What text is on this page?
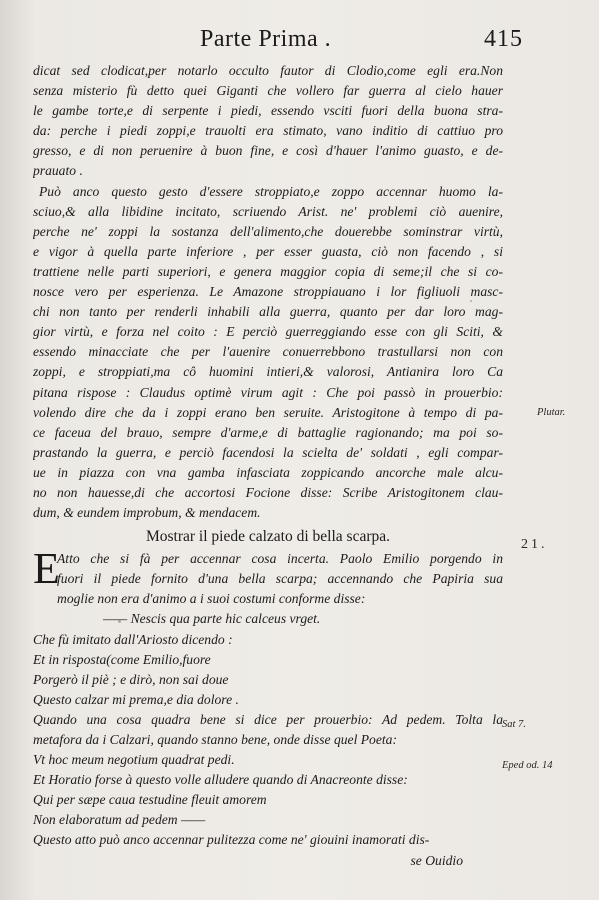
Parte Prima .	415
dicat sed clodicat,per notarlo occulto fautor di Clodio,come egli era.Non
senza misterio fù detto quei Giganti che vollero far guerra al cielo hauer
le gambe torte,e di serpente i piedi, essendo vsciti fuori della buona stra-
da: perche i piedi zoppi,e trauolti era stimato, vano inditio di cattiuo pro
gresso, e di non peruenire à buon fine, e così d'hauer l'animo guasto, e de-
prauato .
Può anco questo gesto d'essere stroppiato,e zoppo accennar huomo la-
sciuo,& alla libidine incitato, scriuendo Arist. ne' problemi ciò auenire,
perche ne' zoppi la sostanza dell'alimento,che douerebbe sominstrar virtù,
e vigor à quella parte inferiore , per esser guasta, ciò non facendo , si
trattiene nelle parti superiori, e genera maggior copia di seme;il che si co-
nosce vero per esperienza. Le Amazone stroppiauano i lor figliuoli masc-
chi non tanto per renderli inhabili alla guerra, quanto per dar loro mag-
gior virtù, e forza nel coito : E perciò guerreggiando esse con gli Sciti, &
essendo minacciate che per l'auenire conuerrebbono trastullarsi non con
zoppi, e stroppiati,ma cô huomini intieri,& valorosi, Antianira loro Ca
pitana rispose : Claudus optimè virum agit : Che poi passò in prouerbio:
volendo dire che da i zoppi erano ben seruite. Aristogitone à tempo di pa-
ce faceua del brauo, sempre d'arme,e di battaglie ragionando; ma poi so-
prastando la guerra, e perciò facendosi la scielta de' soldati , egli compar-
ue in piazza con vna gamba infasciata zoppicando ancorche male alcu-
no non hauesse,di che accortosi Focione disse: Scribe Aristogitonem clau-
dum, & eundem improbum, & mendacem.
Mostrar il piede calzato di bella scarpa.
E
Atto che si fà per accennar cosa incerta. Paolo Emilio porgendo in
fuori il piede fornito d'una bella scarpa; accennando che Papiria sua
moglie non era d'animo a i suoi costumi conforme disse:
—— Nescis qua parte hic calceus vrget.
Che fù imitato dall'Ariosto dicendo :
Et in risposta(come Emilio,fuore
Porgerò il piè ; e dirò, non sai doue
Questo calzar mi prema,e dia dolore .
Quando una cosa quadra bene si dice per prouerbio: Ad pedem. Tolta la
metafora da i Calzari, quando stanno bene, onde disse quel Poeta:
Vt hoc meum negotium quadrat pedi.
Et Horatio forse à questo volle alludere quando di Anacreonte disse:
Qui per sæpe caua testudine fleuit amorem
Non elaboratum ad pedem ——
Questo atto può anco accennar pulitezza come ne' giouini inamorati dis-
se Ouidio
Plutar.
21.
Sat 7.
Eped od. 14
